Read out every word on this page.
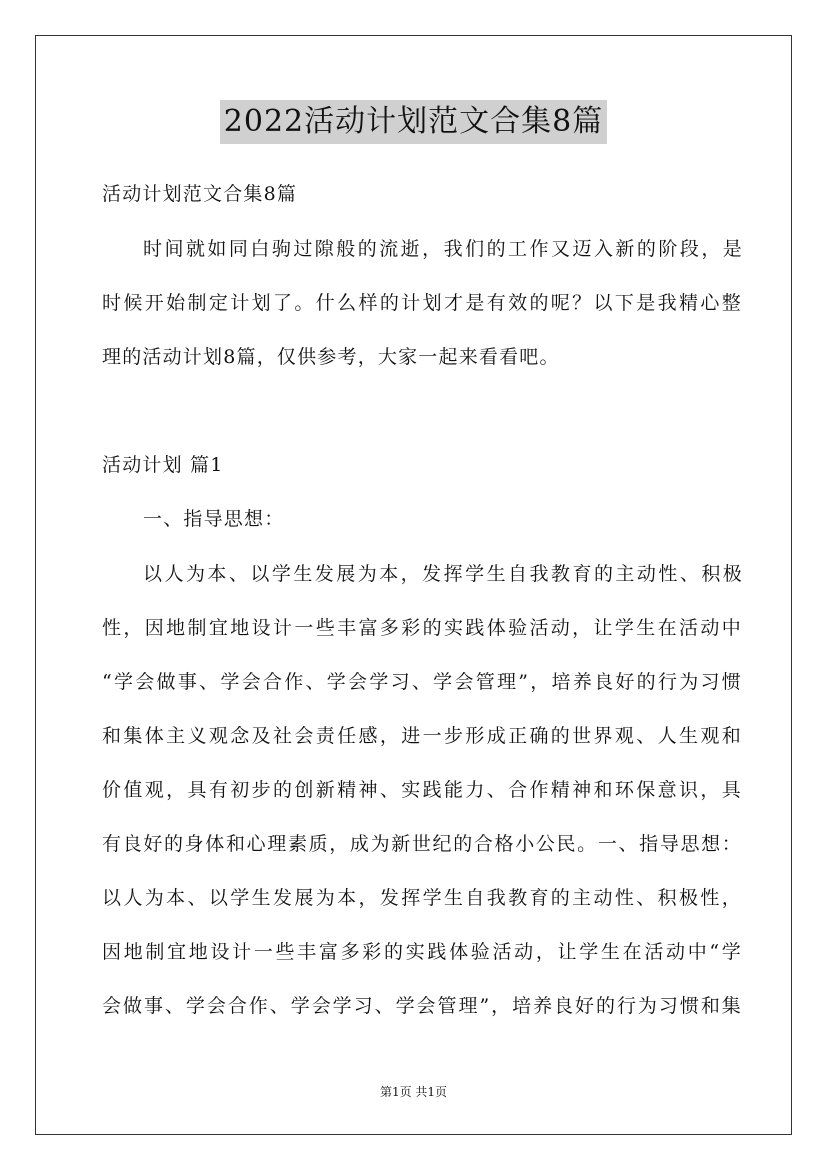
2022活动计划范文合集8篇
活动计划范文合集8篇
时间就如同白驹过隙般的流逝，我们的工作又迈入新的阶段，是
时候开始制定计划了。什么样的计划才是有效的呢？以下是我精心整
理的活动计划8篇，仅供参考，大家一起来看看吧。
活动计划 篇1
一、指导思想：
以人为本、以学生发展为本，发挥学生自我教育的主动性、积极
性，因地制宜地设计一些丰富多彩的实践体验活动，让学生在活动中
“学会做事、学会合作、学会学习、学会管理”，培养良好的行为习惯
和集体主义观念及社会责任感，进一步形成正确的世界观、人生观和
价值观，具有初步的创新精神、实践能力、合作精神和环保意识，具
有良好的身体和心理素质，成为新世纪的合格小公民。一、指导思想：
以人为本、以学生发展为本，发挥学生自我教育的主动性、积极性，
因地制宜地设计一些丰富多彩的实践体验活动，让学生在活动中“学
会做事、学会合作、学会学习、学会管理”，培养良好的行为习惯和集
第1页 共1页
